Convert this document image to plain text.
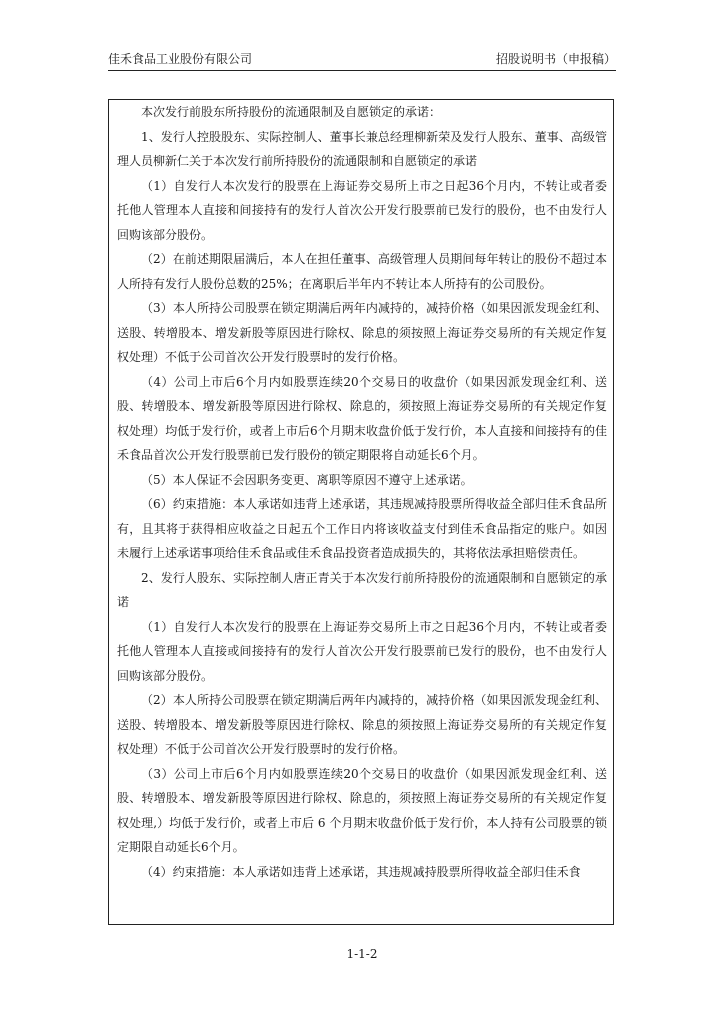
佳禾食品工业股份有限公司	招股说明书（申报稿）

本次发行前股东所持股份的流通限制及自愿锁定的承诺：

1、发行人控股股东、实际控制人、董事长兼总经理柳新荣及发行人股东、董事、高级管理人员柳新仁关于本次发行前所持股份的流通限制和自愿锁定的承诺

（1）自发行人本次发行的股票在上海证券交易所上市之日起36个月内，不转让或者委托他人管理本人直接和间接持有的发行人首次公开发行股票前已发行的股份，也不由发行人回购该部分股份。

（2）在前述期限届满后，本人在担任董事、高级管理人员期间每年转让的股份不超过本人所持有发行人股份总数的25%；在离职后半年内不转让本人所持有的公司股份。

（3）本人所持公司股票在锁定期满后两年内减持的，减持价格（如果因派发现金红利、送股、转增股本、增发新股等原因进行除权、除息的须按照上海证券交易所的有关规定作复权处理）不低于公司首次公开发行股票时的发行价格。

（4）公司上市后6个月内如股票连续20个交易日的收盘价（如果因派发现金红利、送股、转增股本、增发新股等原因进行除权、除息的，须按照上海证券交易所的有关规定作复权处理）均低于发行价，或者上市后6个月期末收盘价低于发行价，本人直接和间接持有的佳禾食品首次公开发行股票前已发行股份的锁定期限将自动延长6个月。

（5）本人保证不会因职务变更、离职等原因不遵守上述承诺。

（6）约束措施：本人承诺如违背上述承诺，其违规减持股票所得收益全部归佳禾食品所有，且其将于获得相应收益之日起五个工作日内将该收益支付到佳禾食品指定的账户。如因未履行上述承诺事项给佳禾食品或佳禾食品投资者造成损失的，其将依法承担赔偿责任。

2、发行人股东、实际控制人唐正青关于本次发行前所持股份的流通限制和自愿锁定的承诺

（1）自发行人本次发行的股票在上海证券交易所上市之日起36个月内，不转让或者委托他人管理本人直接或间接持有的发行人首次公开发行股票前已发行的股份，也不由发行人回购该部分股份。

（2）本人所持公司股票在锁定期满后两年内减持的，减持价格（如果因派发现金红利、送股、转增股本、增发新股等原因进行除权、除息的须按照上海证券交易所的有关规定作复权处理）不低于公司首次公开发行股票时的发行价格。

（3）公司上市后6个月内如股票连续20个交易日的收盘价（如果因派发现金红利、送股、转增股本、增发新股等原因进行除权、除息的，须按照上海证券交易所的有关规定作复权处理,）均低于发行价，或者上市后 6 个月期末收盘价低于发行价，本人持有公司股票的锁定期限自动延长6个月。

（4）约束措施：本人承诺如违背上述承诺，其违规减持股票所得收益全部归佳禾食

1-1-2
